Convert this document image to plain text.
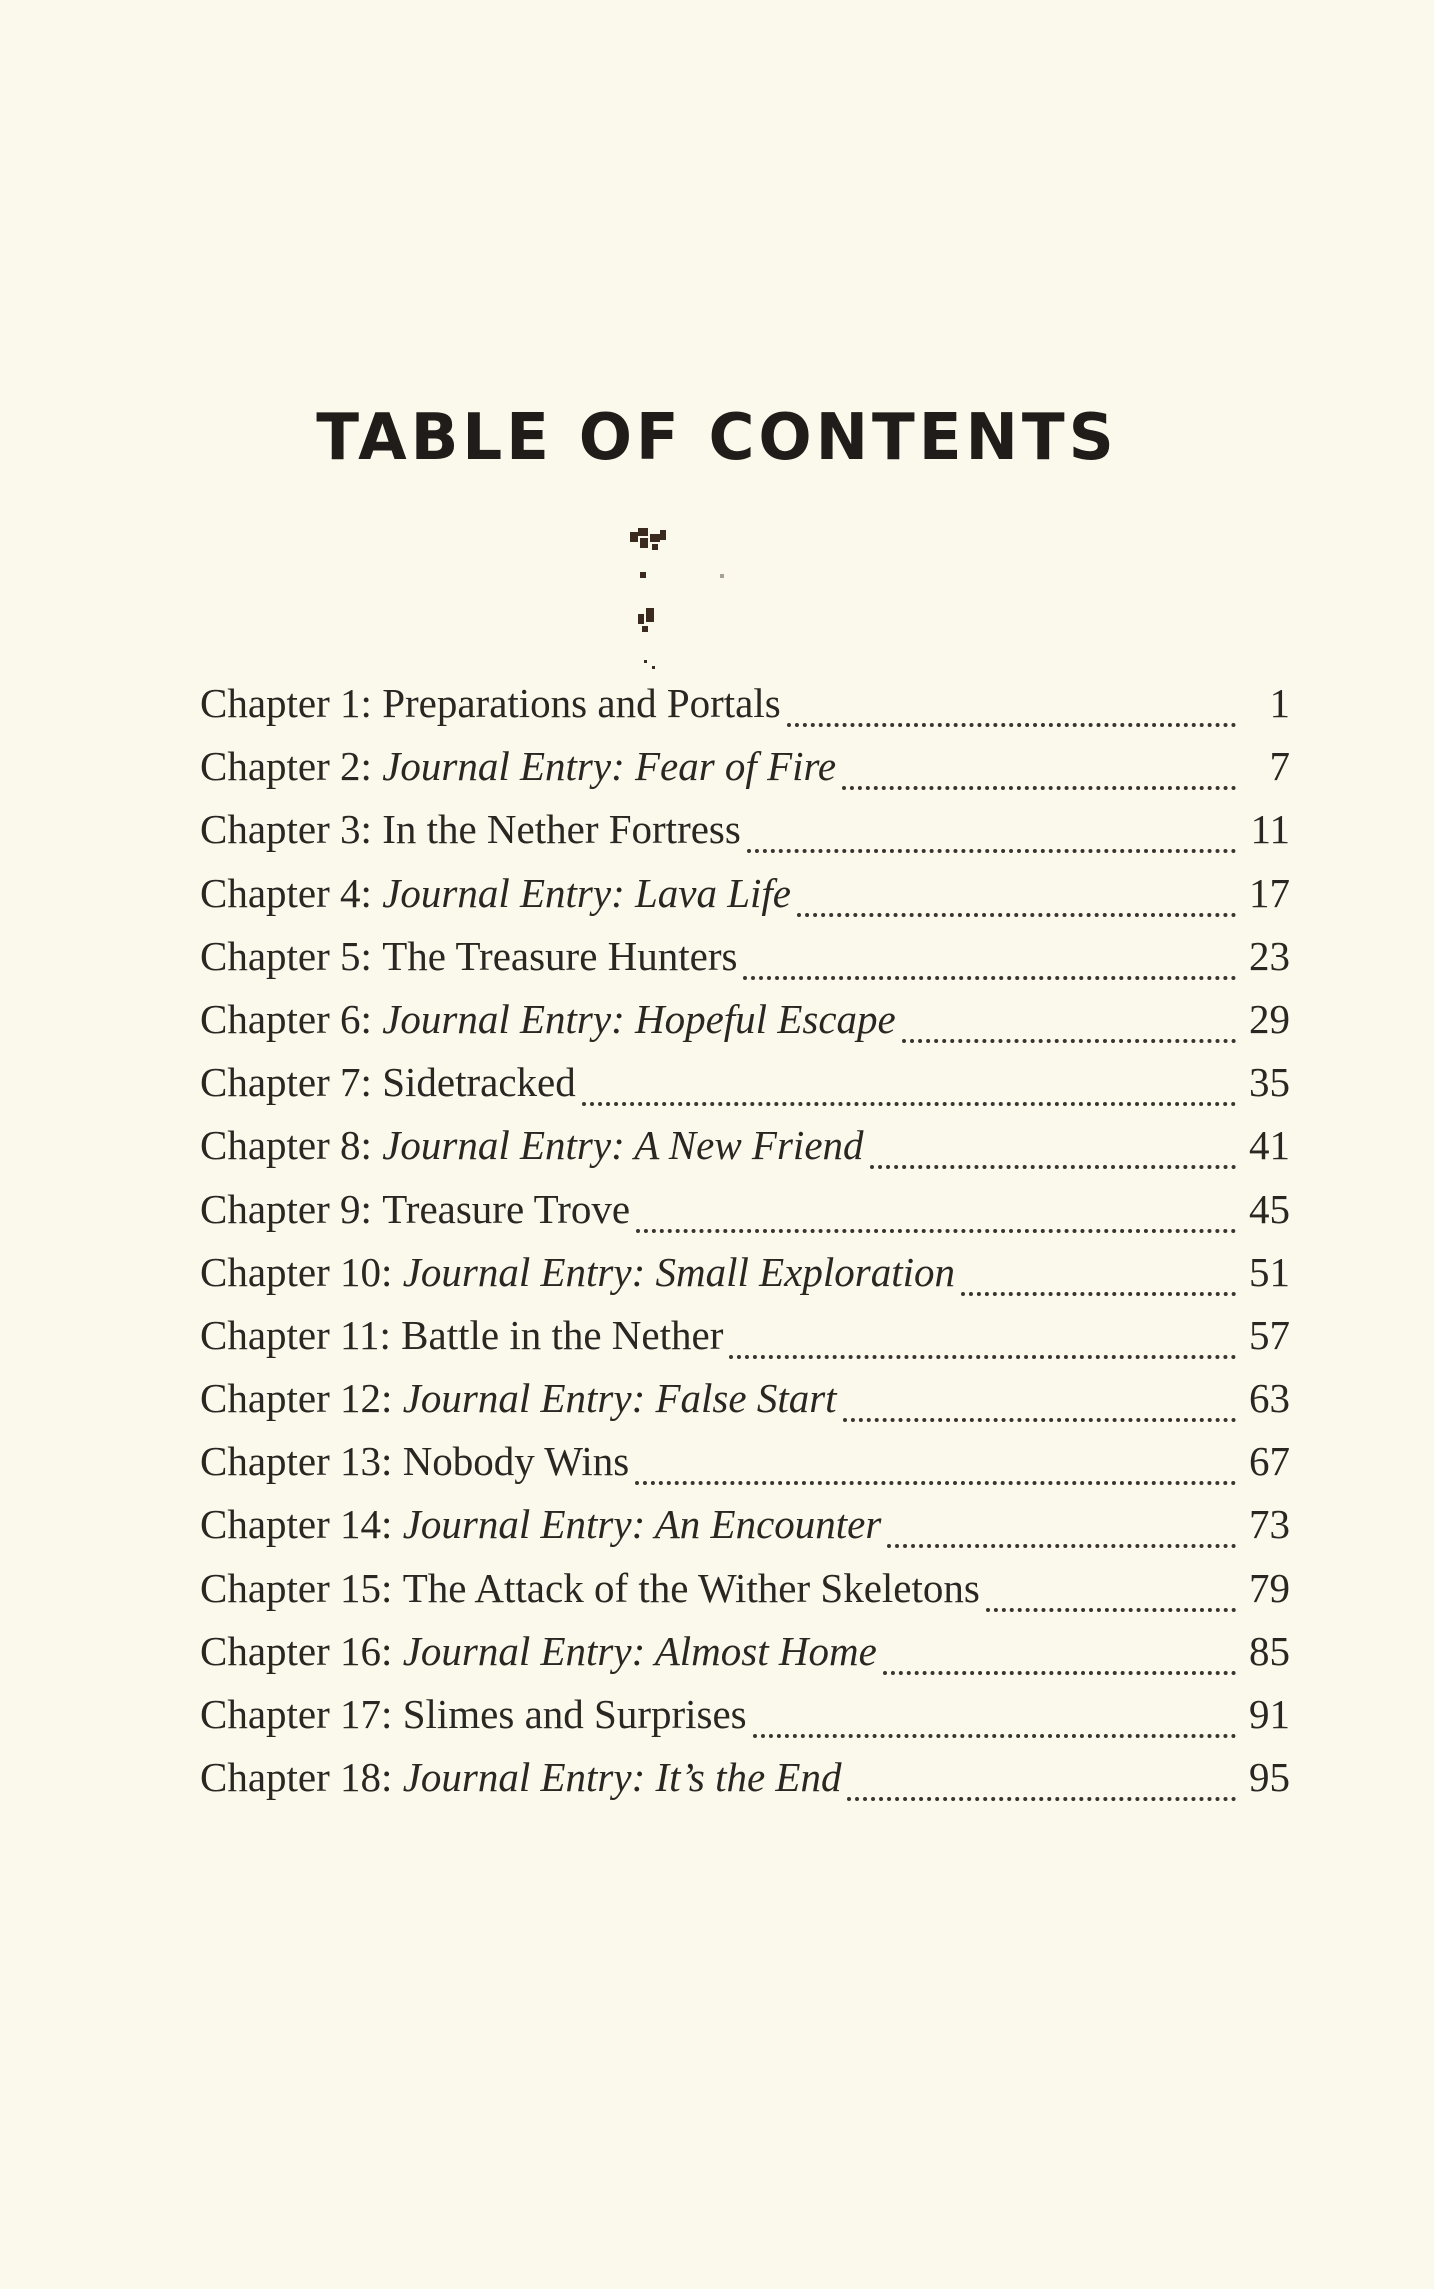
TABLE OF CONTENTS
Chapter 1:
Preparations and Portals	1
Chapter 2:
Journal Entry: Fear of Fire	7
Chapter 3:
In the Nether Fortress	11
Chapter 4:
Journal Entry: Lava Life	17
Chapter 5:
The Treasure Hunters	23
Chapter 6:
Journal Entry: Hopeful Escape	29
Chapter 7:
Sidetracked	35
Chapter 8:
Journal Entry: A New Friend	41
Chapter 9:
Treasure Trove	45
Chapter 10:
Journal Entry: Small Exploration	51
Chapter 11:
Battle in the Nether	57
Chapter 12:
Journal Entry: False Start	63
Chapter 13:
Nobody Wins	67
Chapter 14:
Journal Entry: An Encounter	73
Chapter 15:
The Attack of the Wither Skeletons	79
Chapter 16:
Journal Entry: Almost Home	85
Chapter 17:
Slimes and Surprises	91
Chapter 18:
Journal Entry: It’s the End	95
